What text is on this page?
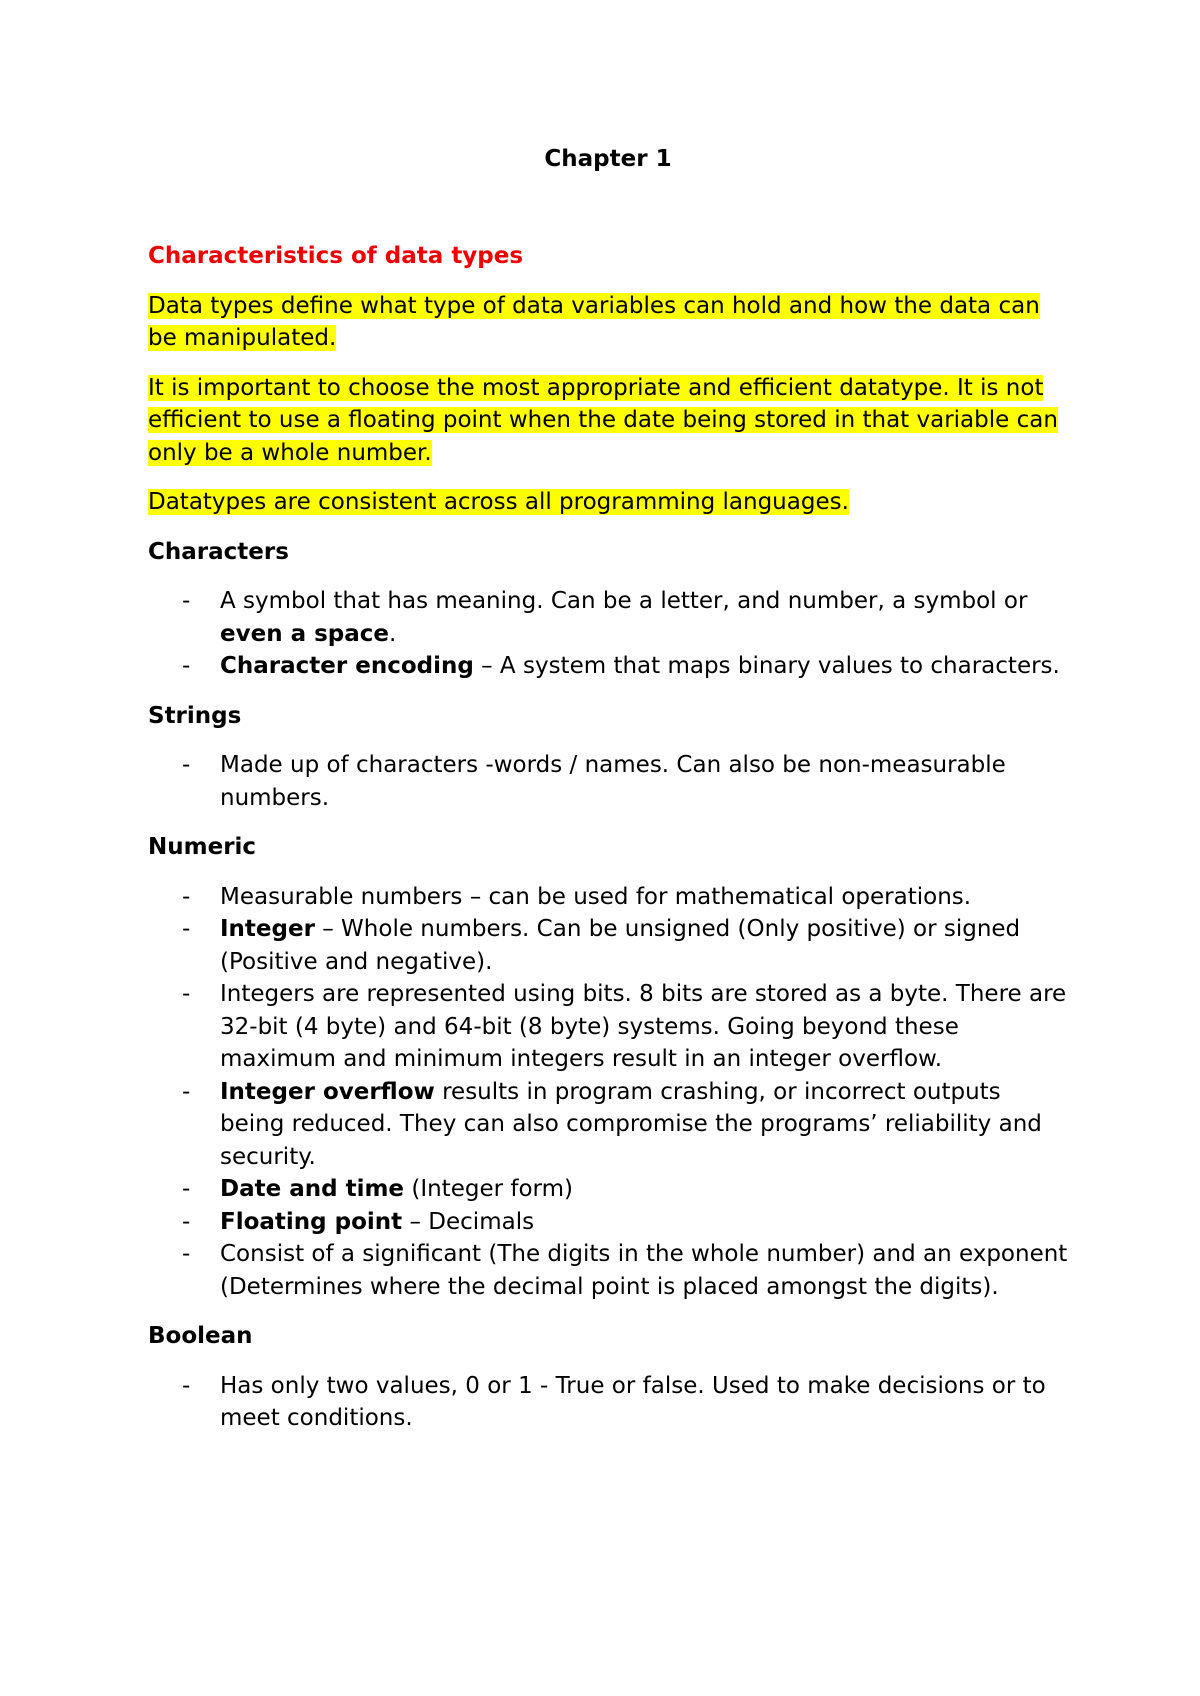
Chapter 1
Characteristics of data types

Data types define what type of data variables can hold and how the data can be manipulated.

It is important to choose the most appropriate and efficient datatype. It is not efficient to use a floating point when the date being stored in that variable can only be a whole number.

Datatypes are consistent across all programming languages.

Characters
- A symbol that has meaning. Can be a letter, and number, a symbol or even a space.
- Character encoding – A system that maps binary values to characters.
Strings
- Made up of characters -words / names. Can also be non-measurable numbers.
Numeric
- Measurable numbers – can be used for mathematical operations.
- Integer – Whole numbers. Can be unsigned (Only positive) or signed (Positive and negative).
- Integers are represented using bits. 8 bits are stored as a byte. There are 32-bit (4 byte) and 64-bit (8 byte) systems. Going beyond these maximum and minimum integers result in an integer overflow.
- Integer overflow results in program crashing, or incorrect outputs being reduced. They can also compromise the programs’ reliability and security.
- Date and time (Integer form)
- Floating point – Decimals
- Consist of a significant (The digits in the whole number) and an exponent (Determines where the decimal point is placed amongst the digits).
Boolean
- Has only two values, 0 or 1 - True or false. Used to make decisions or to meet conditions.
